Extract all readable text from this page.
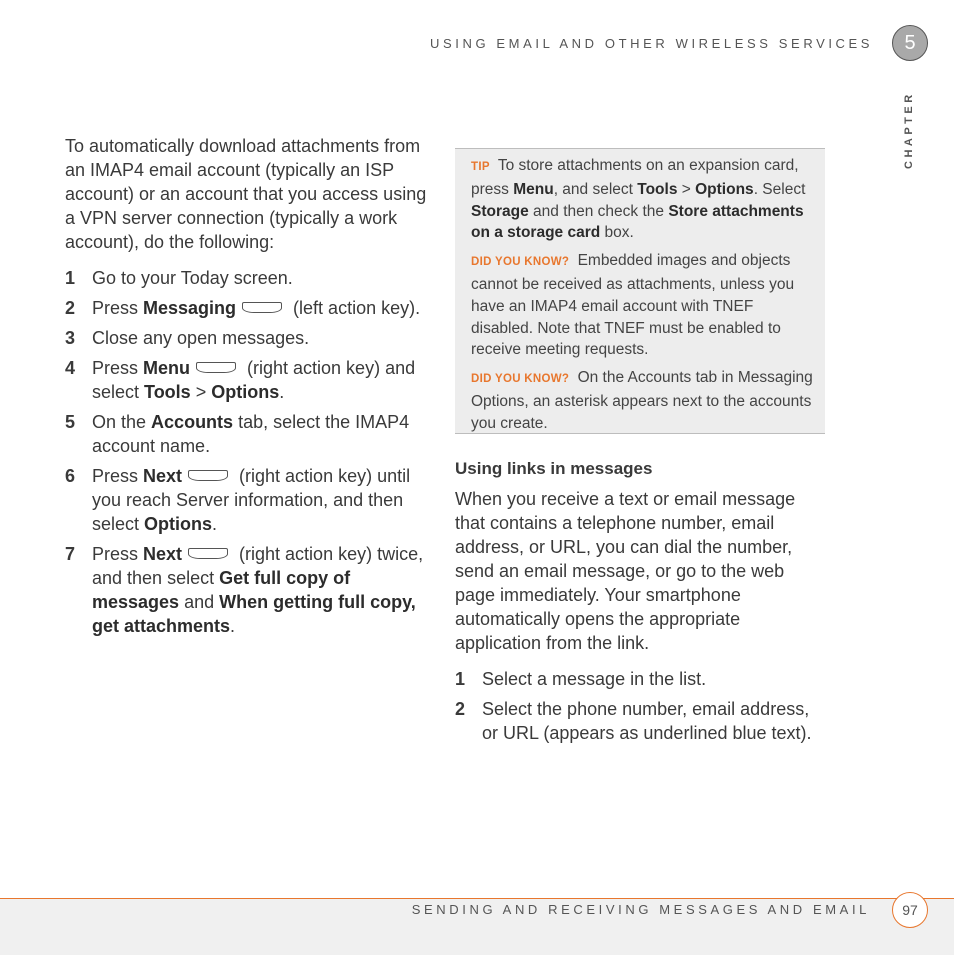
USING EMAIL AND OTHER WIRELESS SERVICES	5
CHAPTER

To automatically download attachments from an IMAP4 email account (typically an ISP account) or an account that you access using a VPN server connection (typically a work account), do the following:

1 Go to your Today screen.
2 Press Messaging	(left action key).
3 Close any open messages.
4 Press Menu	(right action key) and select Tools > Options.
5 On the Accounts tab, select the IMAP4 account name.
6 Press Next	(right action key) until you reach Server information, and then select Options.
7 Press Next	(right action key) twice, and then select Get full copy of messages and When getting full copy, get attachments.

TIP To store attachments on an expansion card, press Menu, and select Tools > Options. Select Storage and then check the Store attachments on a storage card box.

DID YOU KNOW? Embedded images and objects cannot be received as attachments, unless you have an IMAP4 email account with TNEF disabled. Note that TNEF must be enabled to receive meeting requests.

DID YOU KNOW? On the Accounts tab in Messaging Options, an asterisk appears next to the accounts you create.

Using links in messages

When you receive a text or email message that contains a telephone number, email address, or URL, you can dial the number, send an email message, or go to the web page immediately. Your smartphone automatically opens the appropriate application from the link.

1 Select a message in the list.
2 Select the phone number, email address, or URL (appears as underlined blue text).
SENDING AND RECEIVING MESSAGES AND EMAIL	97
